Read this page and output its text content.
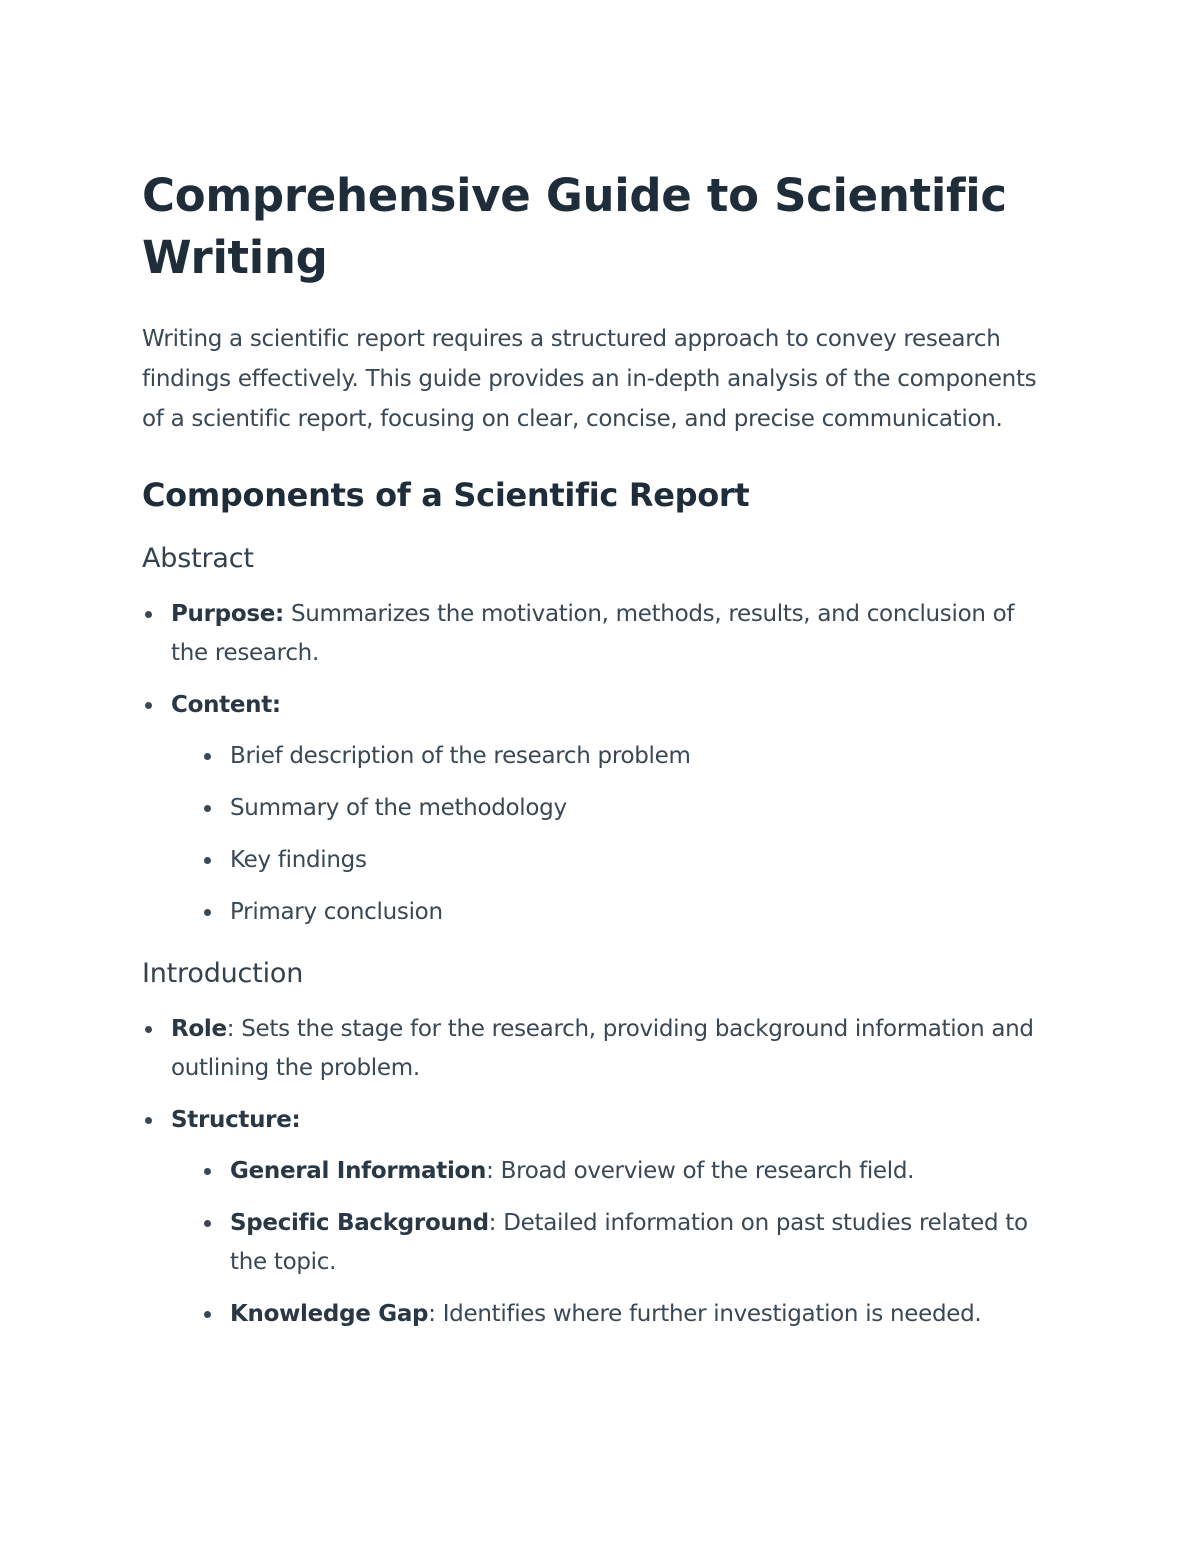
Comprehensive Guide to Scientific Writing

Writing a scientific report requires a structured approach to convey research findings effectively. This guide provides an in-depth analysis of the components of a scientific report, focusing on clear, concise, and precise communication.

Components of a Scientific Report
Abstract
Purpose: Summarizes the motivation, methods, results, and conclusion of the research.
Content:
Brief description of the research problem
Summary of the methodology
Key findings
Primary conclusion
Introduction
Role: Sets the stage for the research, providing background information and outlining the problem.
Structure:
General Information: Broad overview of the research field.
Specific Background: Detailed information on past studies related to the topic.
Knowledge Gap: Identifies where further investigation is needed.
